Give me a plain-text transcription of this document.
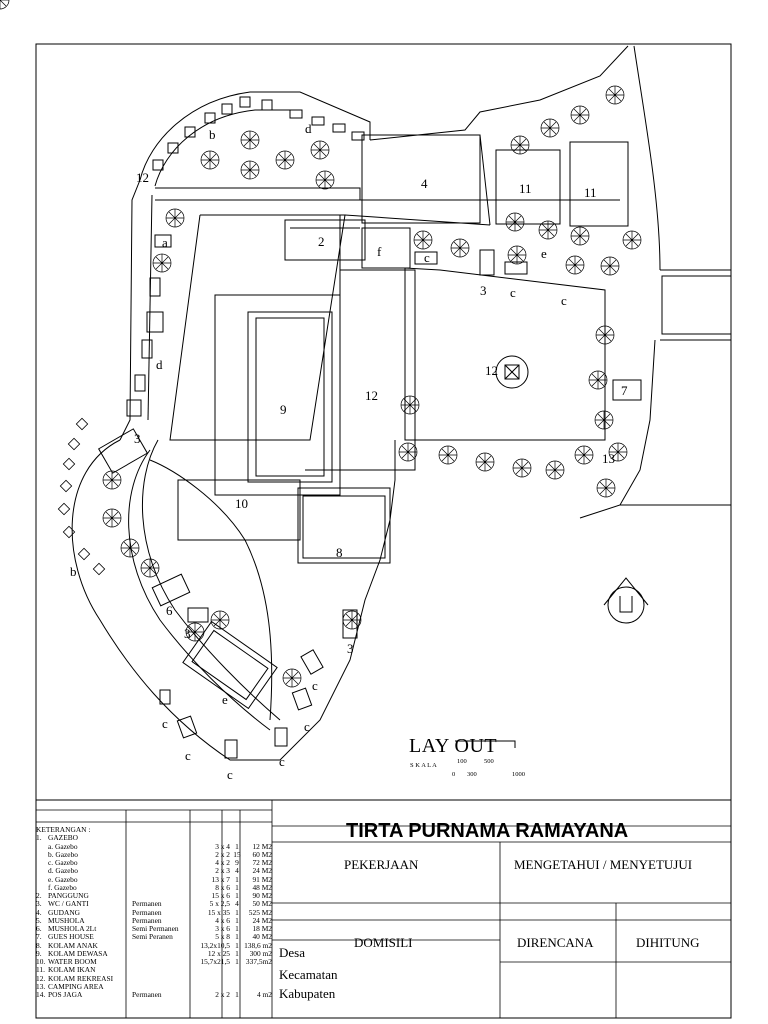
a
b
b
d
d
12	4	11	11
2
f	c	e
3 c
c
12
7
12
9
13
3
10
8
6
3
3
c
e
c
c
c	c
c
LAY OUT
S K A L A
100	500
0 300	1000
KETERANGAN :
1. GAZEBO
a. Gazebo	3 x 4 1	12 M2
b. Gazebo	2 x 2 15	60 M2
c. Gazebo	4 x 2 9	72 M2
d. Gazebo	2 x 3 4	24 M2
e. Gazebo	13 x 7 1	91 M2
f. Gazebo	8 x 6 1	48 M2
2. PANGGUNG	15 x 6 1	90 M2
3. WC / GANTI	Permanen	5 x 2,5 4	50 M2
4. GUDANG	Permanen	15 x 35 1	525 M2
5. MUSHOLA	Permanen	4 x 6 1	24 M2
6. MUSHOLA 2Lt	Semi Permanen	3 x 6 1	18 M2
7. GUES HOUSE	Semi Peranen	5 x 8 1	40 M2
8. KOLAM ANAK	13,2x10,5 1 138,6 m2
9. KOLAM DEWASA	12 x 25 1	300 m2
10. WATER BOOM	15,7x21,5 1 337,5m2
11. KOLAM IKAN
12. KOLAM REKREASI
13. CAMPING AREA
14. POS JAGA	Permanen	2 x 2 1	4 m2
TIRTA PURNAMA RAMAYANA
PEKERJAAN	MENGETAHUI / MENYETUJUI
DOMISILI
Desa
Kecamatan
Kabupaten
DIRENCANA	DIHITUNG
